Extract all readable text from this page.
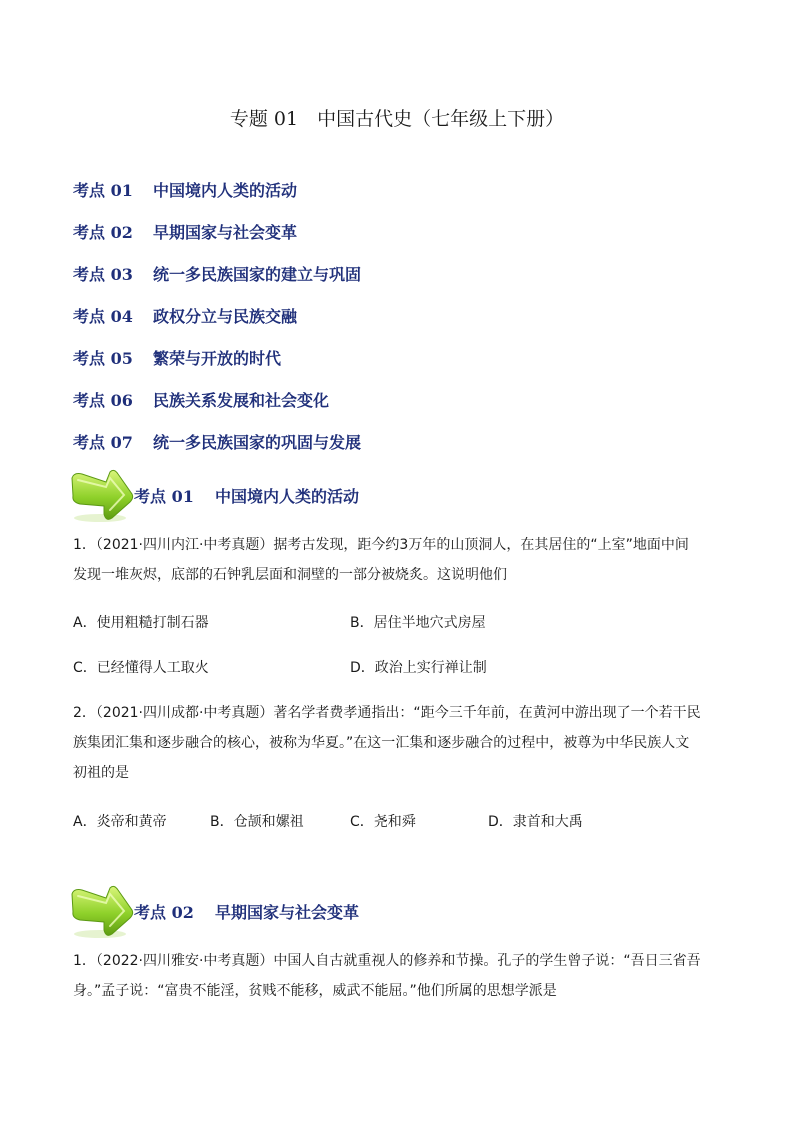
专题 01　中国古代史（七年级上下册）
考点 01	中国境内人类的活动
考点 02	早期国家与社会变革
考点 03	统一多民族国家的建立与巩固
考点 04	政权分立与民族交融
考点 05	繁荣与开放的时代
考点 06	民族关系发展和社会变化
考点 07	统一多民族国家的巩固与发展
考点 01 中国境内人类的活动
1．（2021·四川内江·中考真题）据考古发现，距今约3万年的山顶洞人，在其居住的“上室”地面中间
发现一堆灰烬，底部的石钟乳层面和洞壁的一部分被烧炙。这说明他们
A．使用粗糙打制石器	B．居住半地穴式房屋
C．已经懂得人工取火	D．政治上实行禅让制
2．（2021·四川成都·中考真题）著名学者费孝通指出：“距今三千年前，在黄河中游出现了一个若干民
族集团汇集和逐步融合的核心，被称为华夏。”在这一汇集和逐步融合的过程中，被尊为中华民族人文
初祖的是
A．炎帝和黄帝	B．仓颉和嫘祖	C．尧和舜	D．隶首和大禹
考点 02 早期国家与社会变革
1．（2022·四川雅安·中考真题）中国人自古就重视人的修养和节操。孔子的学生曾子说：“吾日三省吾
身。”孟子说：“富贵不能淫，贫贱不能移，威武不能屈。”他们所属的思想学派是
